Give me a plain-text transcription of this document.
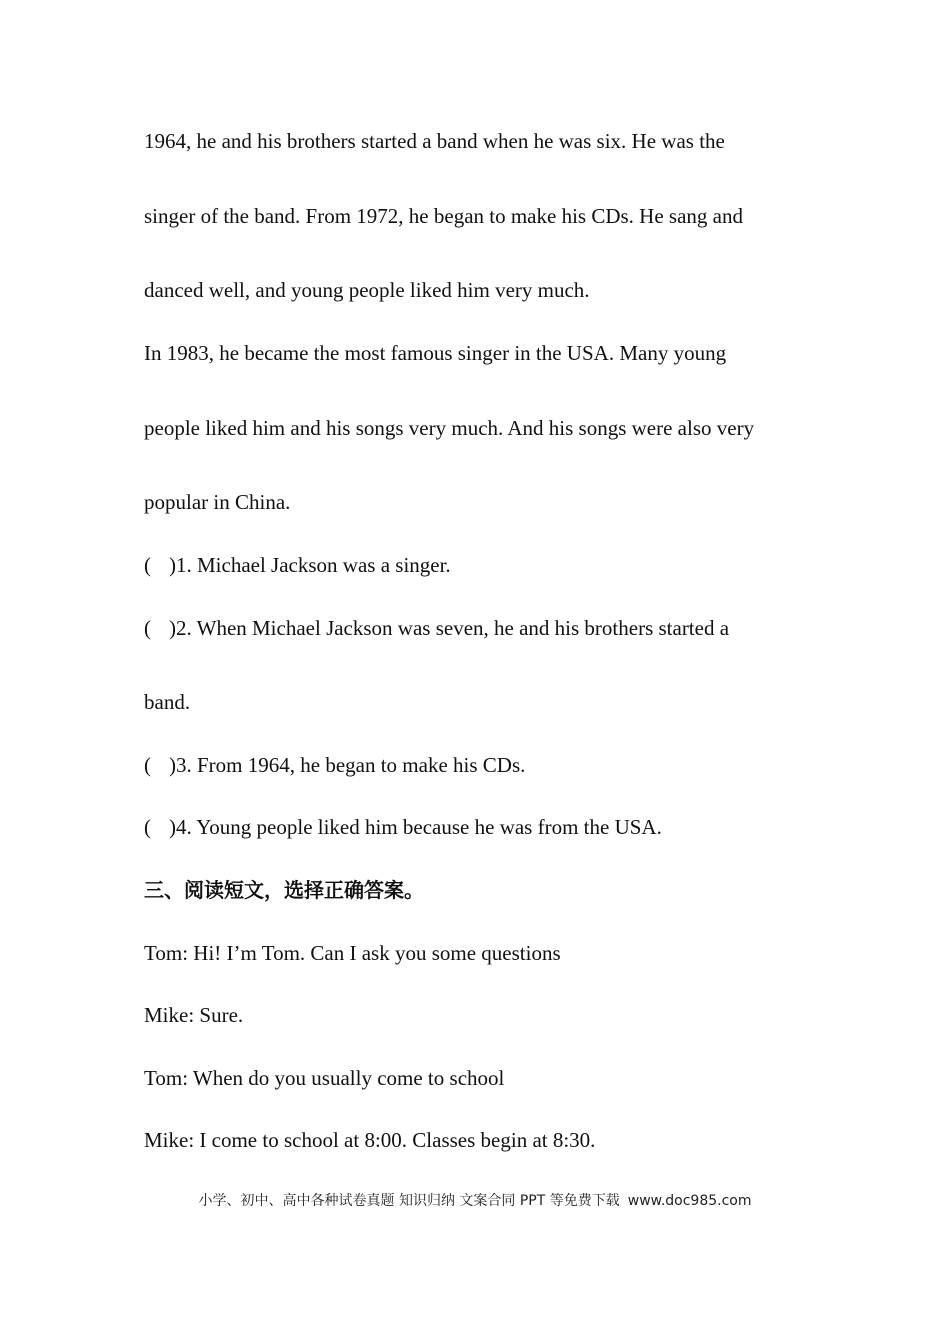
1964, he and his brothers started a band when he was six. He was the

singer of the band. From 1972, he began to make his CDs. He sang and

danced well, and young people liked him very much.

In 1983, he became the most famous singer in the USA. Many young

people liked him and his songs very much. And his songs were also very

popular in China.

( )1. Michael Jackson was a singer.

( )2. When Michael Jackson was seven, he and his brothers started a

band.

( )3. From 1964, he began to make his CDs.

( )4. Young people liked him because he was from the USA.

三、阅读短文，选择正确答案。

Tom: Hi! I’m Tom. Can I ask you some questions

Mike: Sure.

Tom: When do you usually come to school

Mike: I come to school at 8:00. Classes begin at 8:30.

小学、初中、高中各种试卷真题 知识归纳 文案合同 PPT 等免费下载 www.doc985.com
